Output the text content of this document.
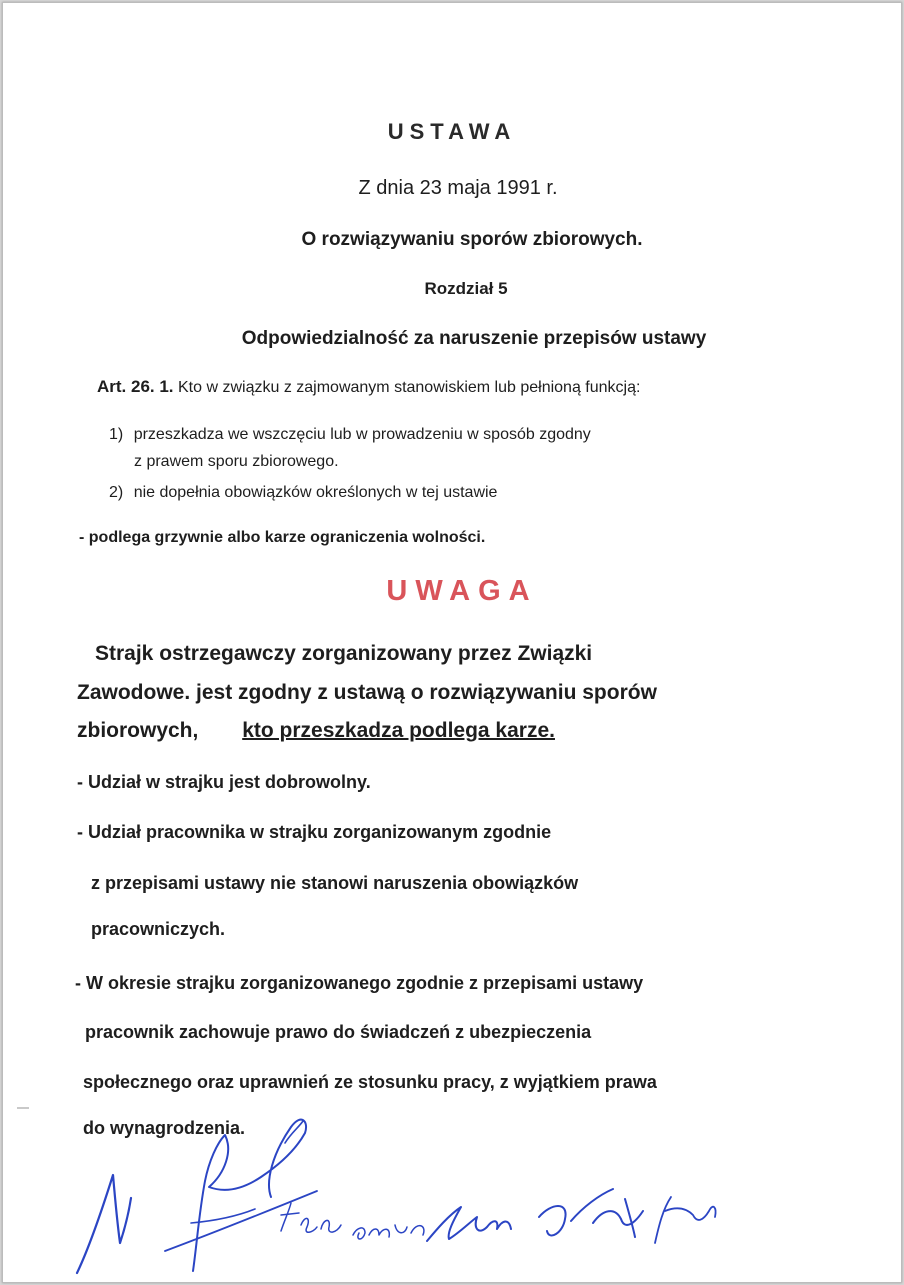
USTAWA
Z dnia 23 maja 1991 r.
O rozwiązywaniu sporów zbiorowych.
Rozdział 5
Odpowiedzialność za naruszenie przepisów ustawy
Art. 26. 1. Kto w związku z zajmowanym stanowiskiem lub pełnioną funkcją:
1) przeszkadza we wszczęciu lub w prowadzeniu w sposób zgodny
z prawem sporu zbiorowego.
2) nie dopełnia obowiązków określonych w tej ustawie
- podlega grzywnie albo karze ograniczenia wolności.
UWAGA
Strajk ostrzegawczy zorganizowany przez Związki
Zawodowe. jest zgodny z ustawą o rozwiązywaniu sporów
zbiorowych, kto przeszkadza podlega karze.
- Udział w strajku jest dobrowolny.
- Udział pracownika w strajku zorganizowanym zgodnie
z przepisami ustawy nie stanowi naruszenia obowiązków
pracowniczych.
- W okresie strajku zorganizowanego zgodnie z przepisami ustawy
pracownik zachowuje prawo do świadczeń z ubezpieczenia
społecznego oraz uprawnień ze stosunku pracy, z wyjątkiem prawa
do wynagrodzenia.
